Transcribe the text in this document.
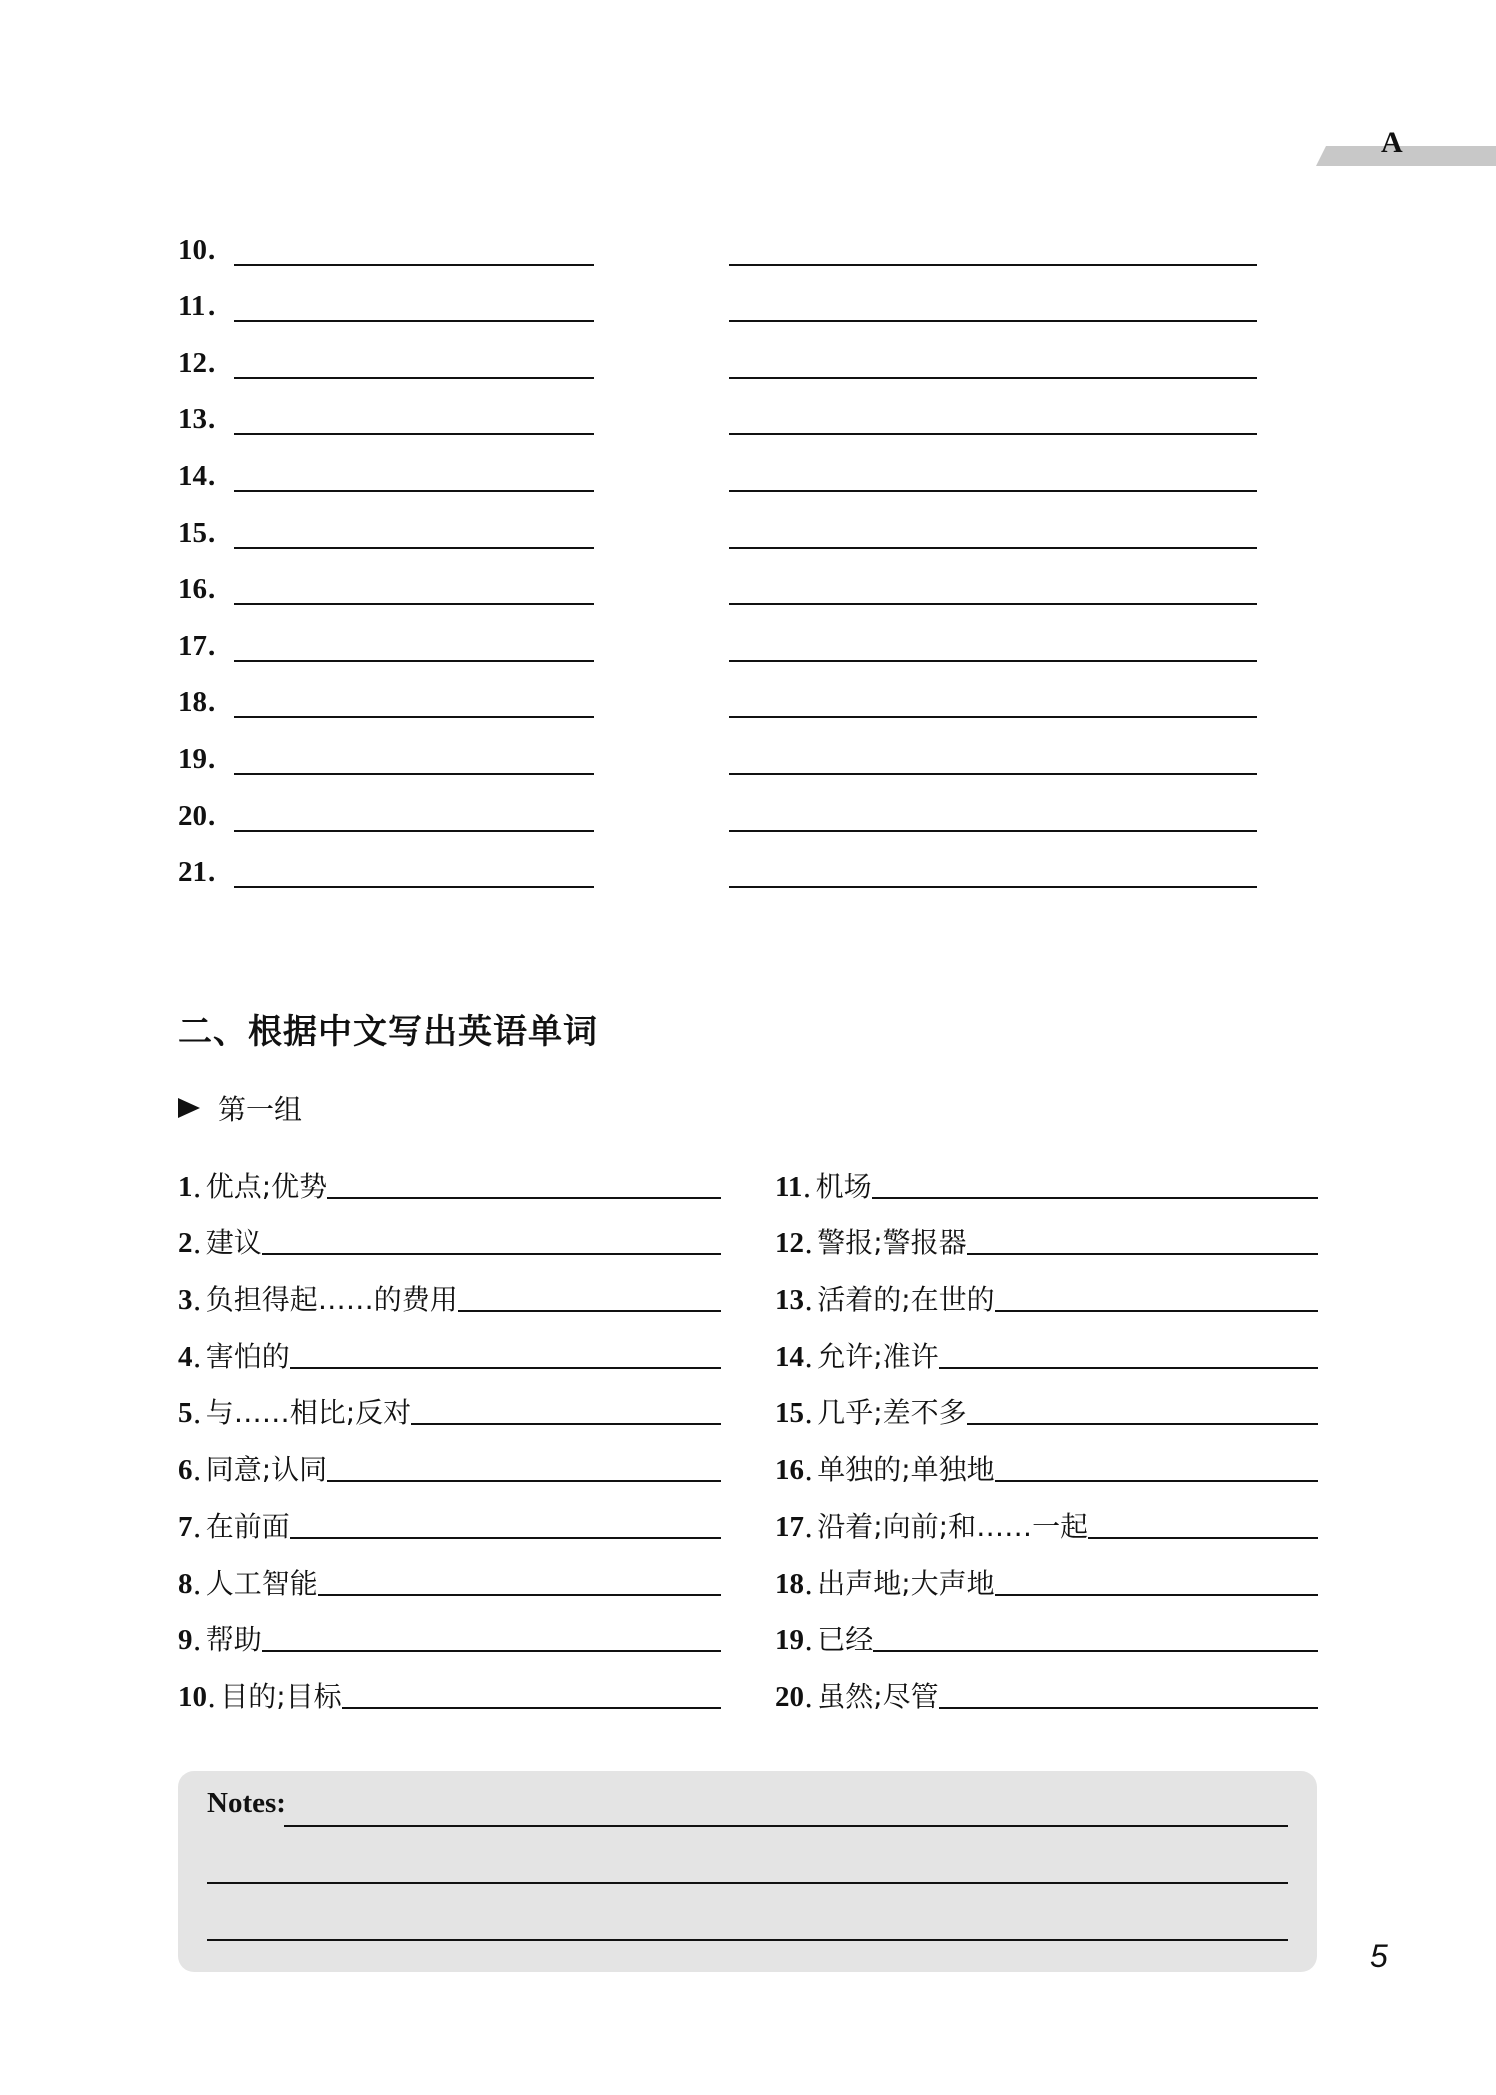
A
10 .
11 .
12 .
13 .
14 .
15 .
16 .
17 .
18 .
19 .
20 .
21 .
二、根据中文写出英语单词
第一组
1 . 优点;优势
2 . 建议
3 . 负担得起……的费用
4 . 害怕的
5 . 与……相比;反对
6 . 同意;认同
7 . 在前面
8 . 人工智能
9 . 帮助
10 . 目的;目标
11 . 机场
12 . 警报;警报器
13 . 活着的;在世的
14 . 允许;准许
15 . 几乎;差不多
16 . 单独的;单独地
17 . 沿着;向前;和……一起
18 . 出声地;大声地
19 . 已经
20 . 虽然;尽管
Notes:
5
